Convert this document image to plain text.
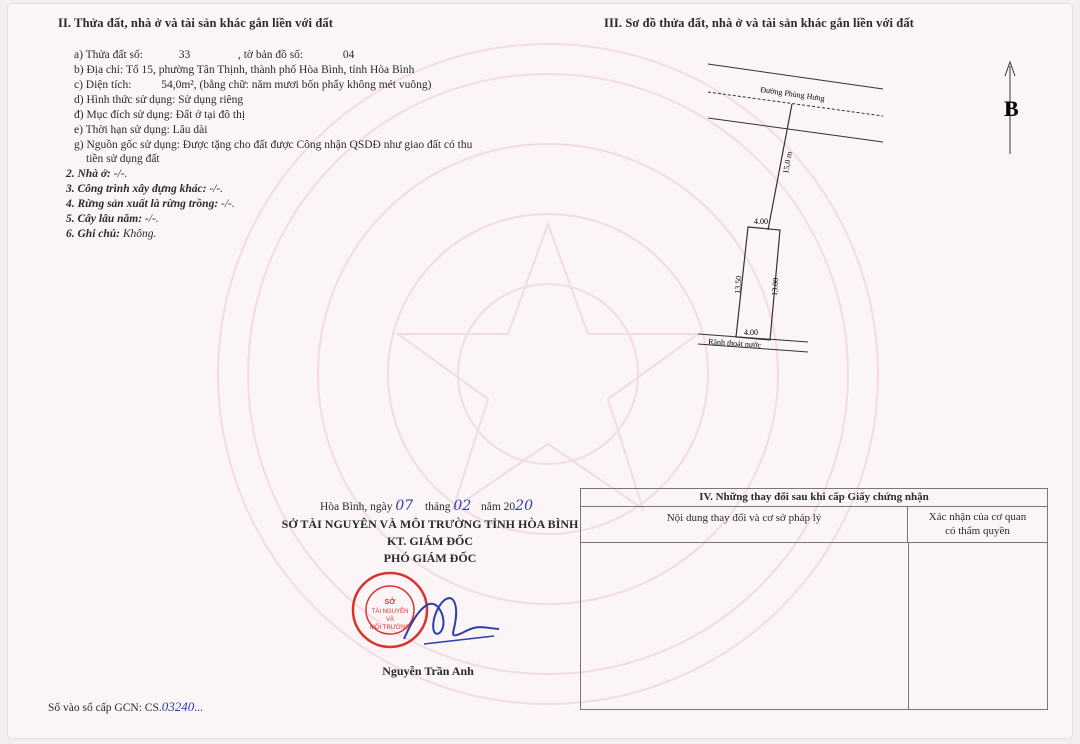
II. Thửa đất, nhà ở và tài sản khác gắn liền với đất
a) Thửa đất số:	33	, tờ bản đồ số:	04
b) Địa chỉ: Tổ 15, phường Tân Thịnh, thành phố Hòa Bình, tỉnh Hòa Bình
c) Diện tích:	54,0m², (bằng chữ: năm mươi bốn phẩy không mét vuông)
d) Hình thức sử dụng: Sử dụng riêng
đ) Mục đích sử dụng: Đất ở tại đô thị
e) Thời hạn sử dụng: Lâu dài
g) Nguồn gốc sử dụng: Được tặng cho đất được Công nhận QSDĐ như giao đất có thu
tiền sử dụng đất
2. Nhà ở: -/-.
3. Công trình xây dựng khác: -/-.
4. Rừng sản xuất là rừng trồng: -/-.
5. Cây lâu năm: -/-.
6. Ghi chú: Không.
III. Sơ đồ thửa đất, nhà ở và tài sản khác gắn liền với đất
Đường Phùng Hưng
15,0 m
4.00
13.50	13.00
4.00
Rãnh thoát nước
B
Hòa Bình, ngày 07 tháng 02 năm 2020
SỞ TÀI NGUYÊN VÀ MÔI TRƯỜNG TỈNH HÒA BÌNH
KT. GIÁM ĐỐC
PHÓ GIÁM ĐỐC
SỞ
TÀI NGUYÊN
VÀ
MÔI TRƯỜNG
Nguyễn Trần Anh
Số vào sổ cấp GCN: CS.03240...
IV. Những thay đổi sau khi cấp Giấy chứng nhận
Nội dung thay đổi và cơ sở pháp lý	Xác nhận của cơ quan
có thẩm quyền
